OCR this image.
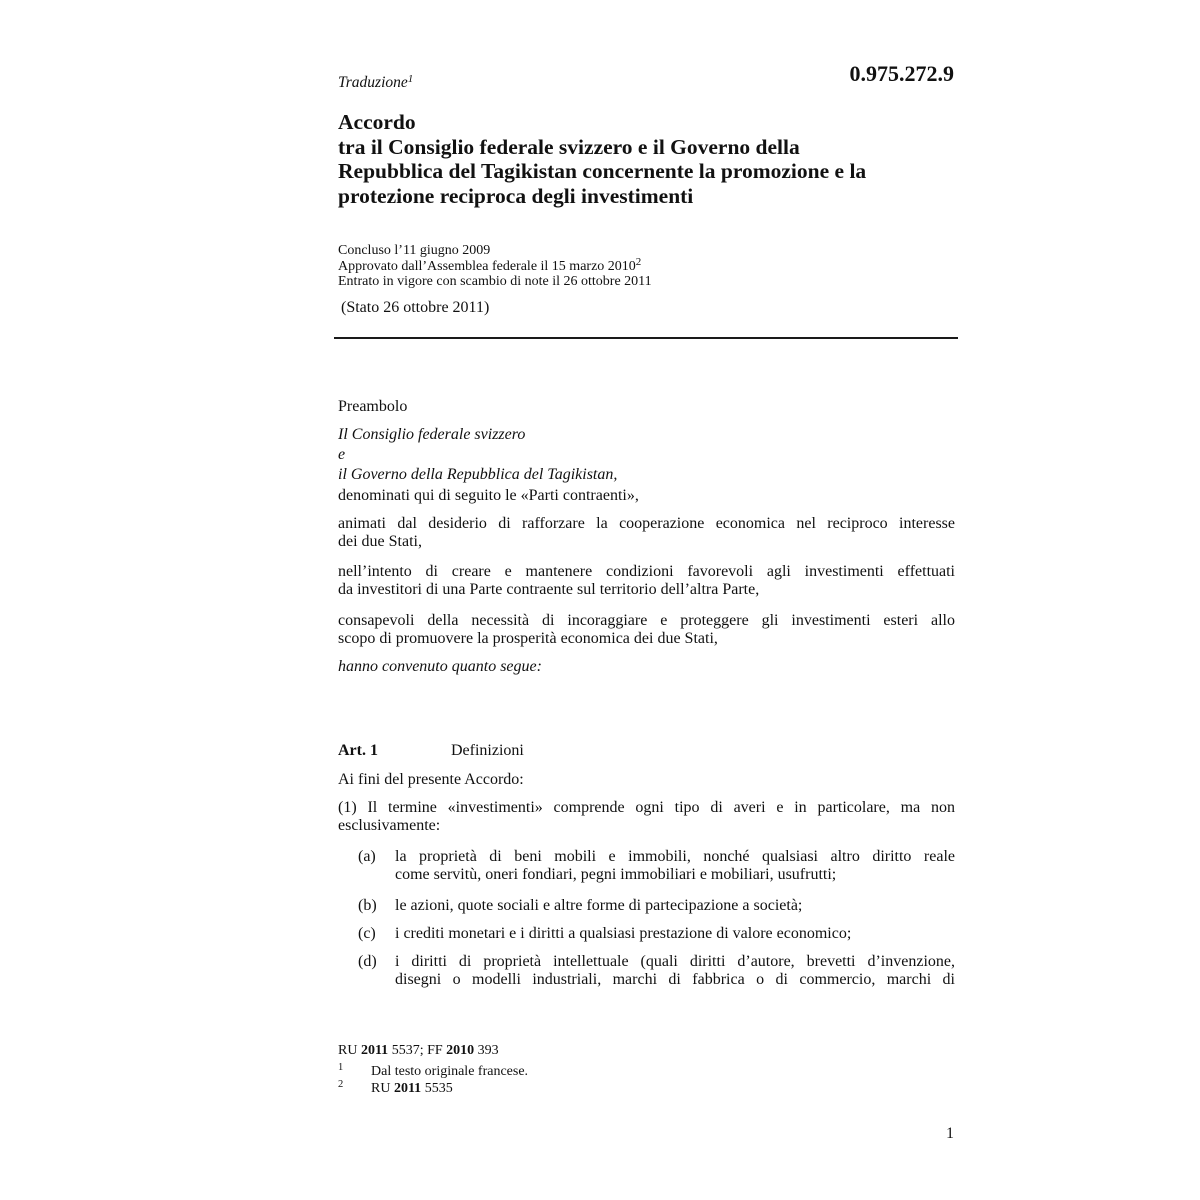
Traduzione$^1$	0.975.272.9
Accordo
tra il Consiglio federale svizzero e il Governo della
Repubblica del Tagikistan concernente la promozione e la
protezione reciproca degli investimenti
Concluso l’11 giugno 2009
Approvato dall’Assemblea federale il 15 marzo 2010$^2$
Entrato in vigore con scambio di note il 26 ottobre 2011
(Stato 26 ottobre 2011)
Preambolo
Il Consiglio federale svizzero
e
il Governo della Repubblica del Tagikistan,
denominati qui di seguito le «Parti contraenti»,
animati dal desiderio di rafforzare la cooperazione economica nel reciproco interesse
dei due Stati,
nell’intento di creare e mantenere condizioni favorevoli agli investimenti effettuati
da investitori di una Parte contraente sul territorio dell’altra Parte,
consapevoli della necessità di incoraggiare e proteggere gli investimenti esteri allo
scopo di promuovere la prosperità economica dei due Stati,
hanno convenuto quanto segue:
Art. 1	Definizioni
Ai fini del presente Accordo:
(1) Il termine «investimenti» comprende ogni tipo di averi e in particolare, ma non
esclusivamente:
(a) la proprietà di beni mobili e immobili, nonché qualsiasi altro diritto reale
come servitù, oneri fondiari, pegni immobiliari e mobiliari, usufrutti;
(b) le azioni, quote sociali e altre forme di partecipazione a società;
(c) i crediti monetari e i diritti a qualsiasi prestazione di valore economico;
(d) i diritti di proprietà intellettuale (quali diritti d’autore, brevetti d’invenzione,
disegni o modelli industriali, marchi di fabbrica o di commercio, marchi di
RU 2011 5537; FF 2010 393
1 Dal testo originale francese.
2 RU 2011 5535
1
